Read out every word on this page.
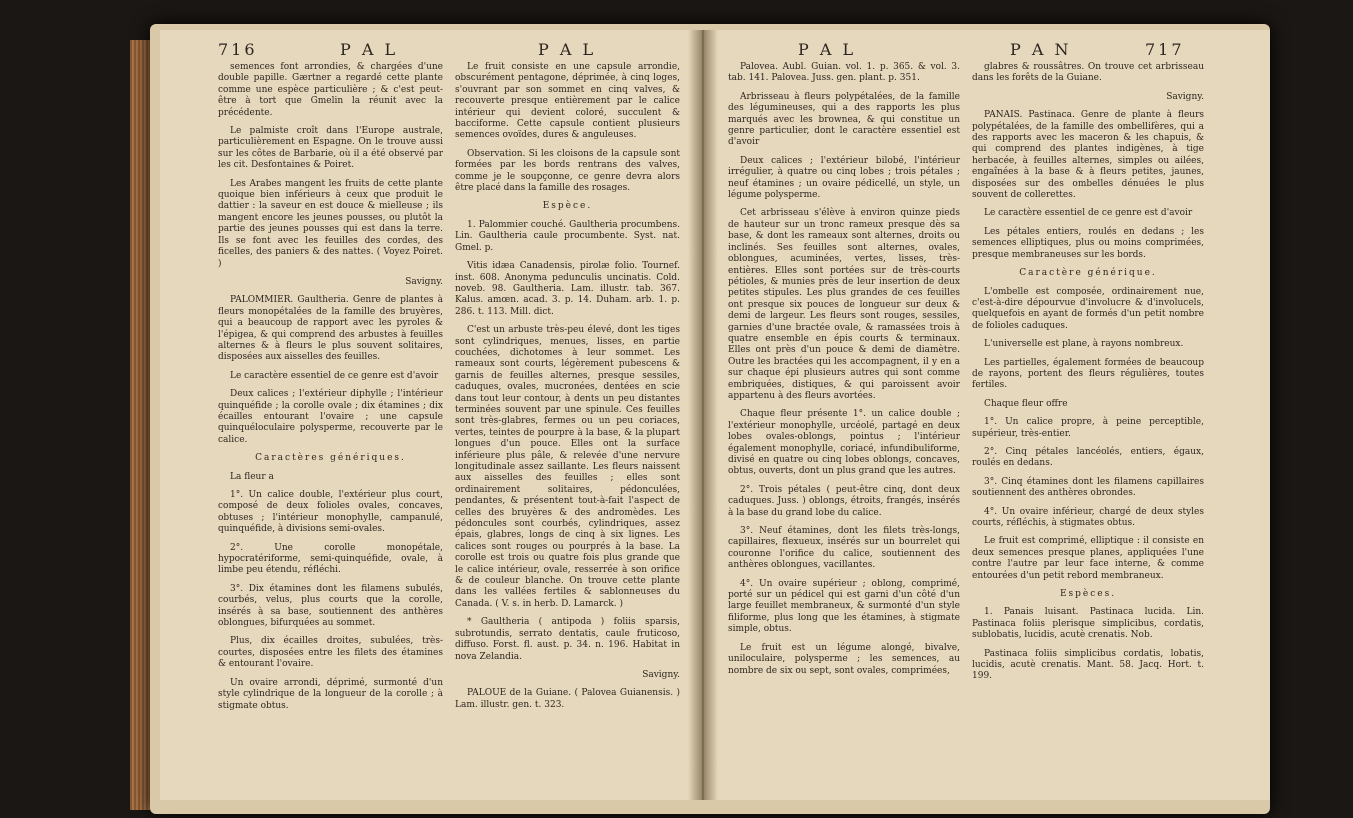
716	P A L	P A L	P A L	P A N	717

semences font arrondies, & chargées d'une double papille. Gærtner a regardé cette plante comme une espèce particulière ; & c'est peut-être à tort que Gmelin la réunit avec la précédente.

Le palmiste croît dans l'Europe australe, particulièrement en Espagne. On le trouve aussi sur les côtes de Barbarie, où il a été observé par les cit. Desfontaines & Poiret.

Les Arabes mangent les fruits de cette plante quoique bien inférieurs à ceux que produit le dattier : la saveur en est douce & mielleuse ; ils mangent encore les jeunes pousses, ou plutôt la partie des jeunes pousses qui est dans la terre. Ils se font avec les feuilles des cordes, des ficelles, des paniers & des nattes. ( Voyez Poiret. )

Savigny.

PALOMMIER. Gaultheria. Genre de plantes à fleurs monopétalées de la famille des bruyères, qui a beaucoup de rapport avec les pyroles & l'épigea, & qui comprend des arbustes à feuilles alternes & à fleurs le plus souvent solitaires, disposées aux aisselles des feuilles.

Le caractère essentiel de ce genre est d'avoir

Deux calices ; l'extérieur diphylle ; l'intérieur quinquéfide ; la corolle ovale ; dix étamines ; dix écailles entourant l'ovaire ; une capsule quinquéloculaire polysperme, recouverte par le calice.

Caractères génériques.

La fleur a

1°. Un calice double, l'extérieur plus court, composé de deux folioles ovales, concaves, obtuses ; l'intérieur monophylle, campanulé, quinquéfide, à divisions semi-ovales.

2°. Une corolle monopétale, hypocratériforme, semi-quinquéfide, ovale, à limbe peu étendu, réfléchi.

3°. Dix étamines dont les filamens subulés, courbés, velus, plus courts que la corolle, insérés à sa base, soutiennent des anthères oblongues, bifurquées au sommet.

Plus, dix écailles droites, subulées, très-courtes, disposées entre les filets des étamines & entourant l'ovaire.

Un ovaire arrondi, déprimé, surmonté d'un style cylindrique de la longueur de la corolle ; à stigmate obtus.

Le fruit consiste en une capsule arrondie, obscurément pentagone, déprimée, à cinq loges, s'ouvrant par son sommet en cinq valves, & recouverte presque entièrement par le calice intérieur qui devient coloré, succulent & bacciforme. Cette capsule contient plusieurs semences ovoïdes, dures & anguleuses.

Observation. Si les cloisons de la capsule sont formées par les bords rentrans des valves, comme je le soupçonne, ce genre devra alors être placé dans la famille des rosages.

Espèce.

1. Palommier couché. Gaultheria procumbens. Lin. Gaultheria caule procumbente. Syst. nat. Gmel. p.

Vitis idæa Canadensis, pirolæ folio. Tournef. inst. 608. Anonyma pedunculis uncinatis. Cold. noveb. 98. Gaultheria. Lam. illustr. tab. 367. Kalus. amœn. acad. 3. p. 14. Duham. arb. 1. p. 286. t. 113. Mill. dict.

C'est un arbuste très-peu élevé, dont les tiges sont cylindriques, menues, lisses, en partie couchées, dichotomes à leur sommet. Les rameaux sont courts, légèrement pubescens & garnis de feuilles alternes, presque sessiles, caduques, ovales, mucronées, dentées en scie dans tout leur contour, à dents un peu distantes terminées souvent par une spinule. Ces feuilles sont très-glabres, fermes ou un peu coriaces, vertes, teintes de pourpre à la base, & la plupart longues d'un pouce. Elles ont la surface inférieure plus pâle, & relevée d'une nervure longitudinale assez saillante. Les fleurs naissent aux aisselles des feuilles ; elles sont ordinairement solitaires, pédonculées, pendantes, & présentent tout-à-fait l'aspect de celles des bruyères & des andromèdes. Les pédoncules sont courbés, cylindriques, assez épais, glabres, longs de cinq à six lignes. Les calices sont rouges ou pourprés à la base. La corolle est trois ou quatre fois plus grande que le calice intérieur, ovale, resserrée à son orifice & de couleur blanche. On trouve cette plante dans les vallées fertiles & sablonneuses du Canada. ( V. s. in herb. D. Lamarck. )

* Gaultheria ( antipoda ) foliis sparsis, subrotundis, serrato dentatis, caule fruticoso, diffuso. Forst. fl. aust. p. 34. n. 196. Habitat in nova Zelandia.

Savigny.

PALOUE de la Guiane. ( Palovea Guianensis. ) Lam. illustr. gen. t. 323.

Palovea. Aubl. Guian. vol. 1. p. 365. & vol. 3. tab. 141. Palovea. Juss. gen. plant. p. 351.

Arbrisseau à fleurs polypétalées, de la famille des légumineuses, qui a des rapports les plus marqués avec les brownea, & qui constitue un genre particulier, dont le caractère essentiel est d'avoir

Deux calices ; l'extérieur bilobé, l'intérieur irrégulier, à quatre ou cinq lobes ; trois pétales ; neuf étamines ; un ovaire pédicellé, un style, un légume polysperme.

Cet arbrisseau s'élève à environ quinze pieds de hauteur sur un tronc rameux presque dès sa base, & dont les rameaux sont alternes, droits ou inclinés. Ses feuilles sont alternes, ovales, oblongues, acuminées, vertes, lisses, très-entières. Elles sont portées sur de très-courts pétioles, & munies près de leur insertion de deux petites stipules. Les plus grandes de ces feuilles ont presque six pouces de longueur sur deux & demi de largeur. Les fleurs sont rouges, sessiles, garnies d'une bractée ovale, & ramassées trois à quatre ensemble en épis courts & terminaux. Elles ont près d'un pouce & demi de diamètre. Outre les bractées qui les accompagnent, il y en a sur chaque épi plusieurs autres qui sont comme embriquées, distiques, & qui paroissent avoir appartenu à des fleurs avortées.

Chaque fleur présente 1°. un calice double ; l'extérieur monophylle, urcéolé, partagé en deux lobes ovales-oblongs, pointus ; l'intérieur également monophylle, coriacé, infundibuliforme, divisé en quatre ou cinq lobes oblongs, concaves, obtus, ouverts, dont un plus grand que les autres.

2°. Trois pétales ( peut-être cinq, dont deux caduques. Juss. ) oblongs, étroits, frangés, insérés à la base du grand lobe du calice.

3°. Neuf étamines, dont les filets très-longs, capillaires, flexueux, insérés sur un bourrelet qui couronne l'orifice du calice, soutiennent des anthères oblongues, vacillantes.

4°. Un ovaire supérieur ; oblong, comprimé, porté sur un pédicel qui est garni d'un côté d'un large feuillet membraneux, & surmonté d'un style filiforme, plus long que les étamines, à stigmate simple, obtus.

Le fruit est un légume alongé, bivalve, uniloculaire, polysperme ; les semences, au nombre de six ou sept, sont ovales, comprimées,

glabres & roussâtres. On trouve cet arbrisseau dans les forêts de la Guiane.

Savigny.

PANAIS. Pastinaca. Genre de plante à fleurs polypétalées, de la famille des ombellifères, qui a des rapports avec les maceron & les chapuis, & qui comprend des plantes indigènes, à tige herbacée, à feuilles alternes, simples ou ailées, engaînées à la base & à fleurs petites, jaunes, disposées sur des ombelles dénuées le plus souvent de collerettes.

Le caractère essentiel de ce genre est d'avoir

Les pétales entiers, roulés en dedans ; les semences elliptiques, plus ou moins comprimées, presque membraneuses sur les bords.

Caractère générique.

L'ombelle est composée, ordinairement nue, c'est-à-dire dépourvue d'involucre & d'involucels, quelquefois en ayant de formés d'un petit nombre de folioles caduques.

L'universelle est plane, à rayons nombreux.

Les partielles, également formées de beaucoup de rayons, portent des fleurs régulières, toutes fertiles.

Chaque fleur offre

1°. Un calice propre, à peine perceptible, supérieur, très-entier.

2°. Cinq pétales lancéolés, entiers, égaux, roulés en dedans.

3°. Cinq étamines dont les filamens capillaires soutiennent des anthères obrondes.

4°. Un ovaire inférieur, chargé de deux styles courts, réfléchis, à stigmates obtus.

Le fruit est comprimé, elliptique : il consiste en deux semences presque planes, appliquées l'une contre l'autre par leur face interne, & comme entourées d'un petit rebord membraneux.

Espèces.

1. Panais luisant. Pastinaca lucida. Lin. Pastinaca foliis plerisque simplicibus, cordatis, sublobatis, lucidis, acutè crenatis. Nob.

Pastinaca foliis simplicibus cordatis, lobatis, lucidis, acutè crenatis. Mant. 58. Jacq. Hort. t. 199.
